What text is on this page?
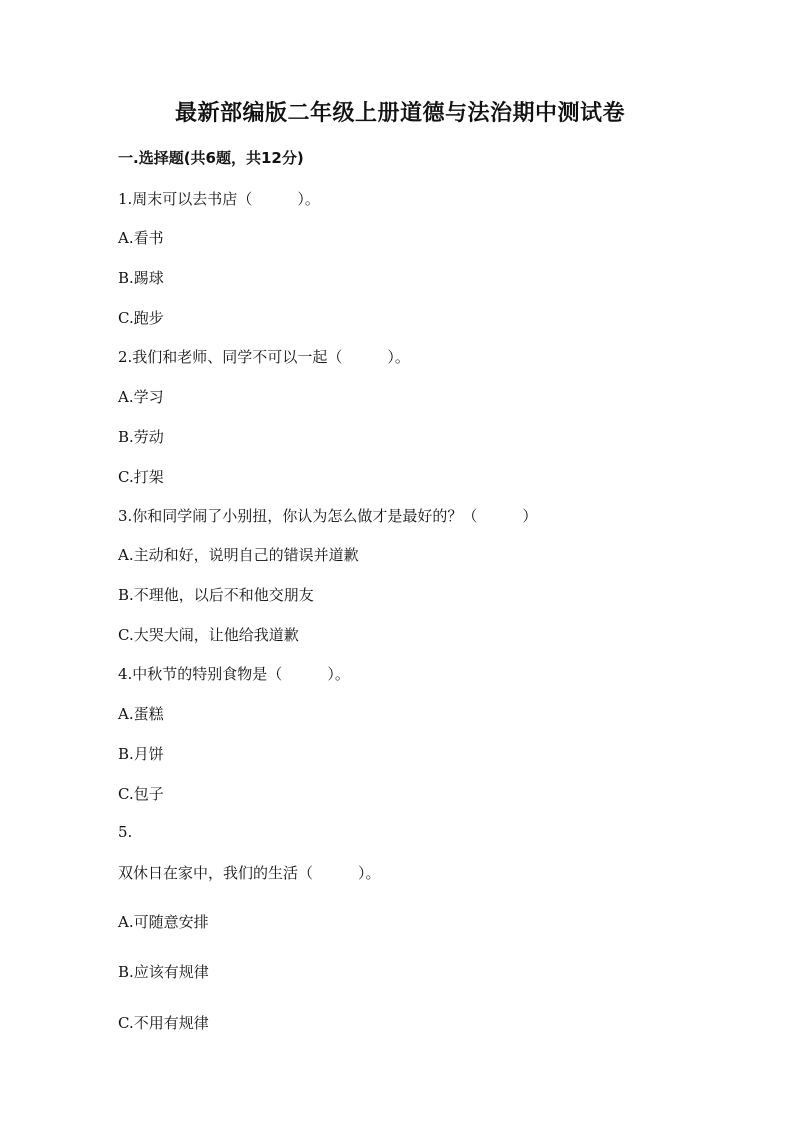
最新部编版二年级上册道德与法治期中测试卷
一.选择题(共6题，共12分)
1.周末可以去书店（　　　）。
A.看书
B.踢球
C.跑步
2.我们和老师、同学不可以一起（　　　）。
A.学习
B.劳动
C.打架
3.你和同学闹了小别扭，你认为怎么做才是最好的？（　　　）
A.主动和好，说明自己的错误并道歉
B.不理他，以后不和他交朋友
C.大哭大闹，让他给我道歉
4.中秋节的特别食物是（　　　）。
A.蛋糕
B.月饼
C.包子
5.
双休日在家中，我们的生活（　　　）。
A.可随意安排
B.应该有规律
C.不用有规律
